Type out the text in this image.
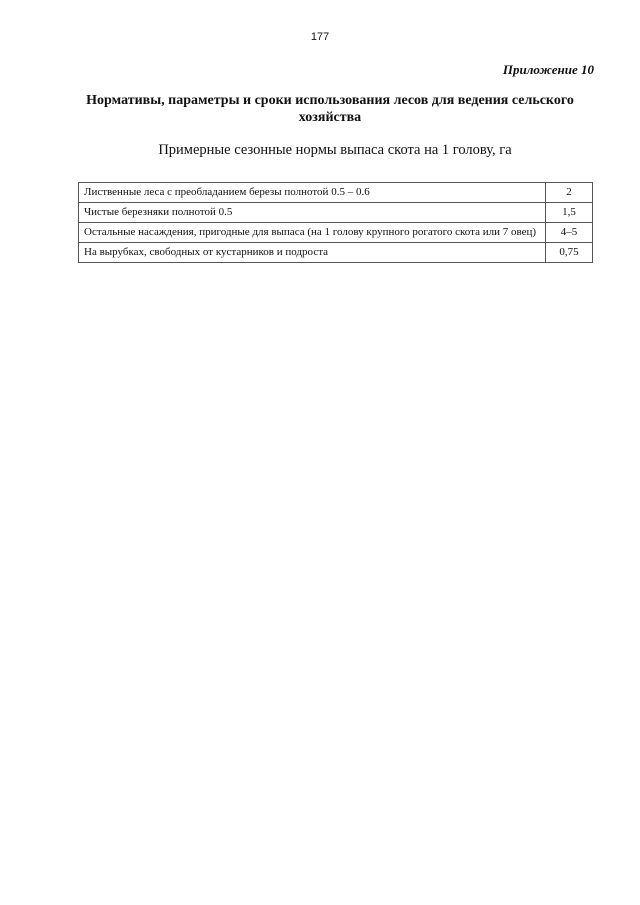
177
Приложение 10
Нормативы, параметры и сроки использования лесов для ведения сельского хозяйства
Примерные сезонные нормы выпаса скота на 1 голову, га
Лиственные леса с преобладанием березы полнотой 0.5 – 0.6	2
Чистые березняки полнотой 0.5	1,5
Остальные насаждения, пригодные для выпаса (на 1 голову крупного рогатого скота или 7 овец)	4–5
На вырубках, свободных от кустарников и подроста	0,75
